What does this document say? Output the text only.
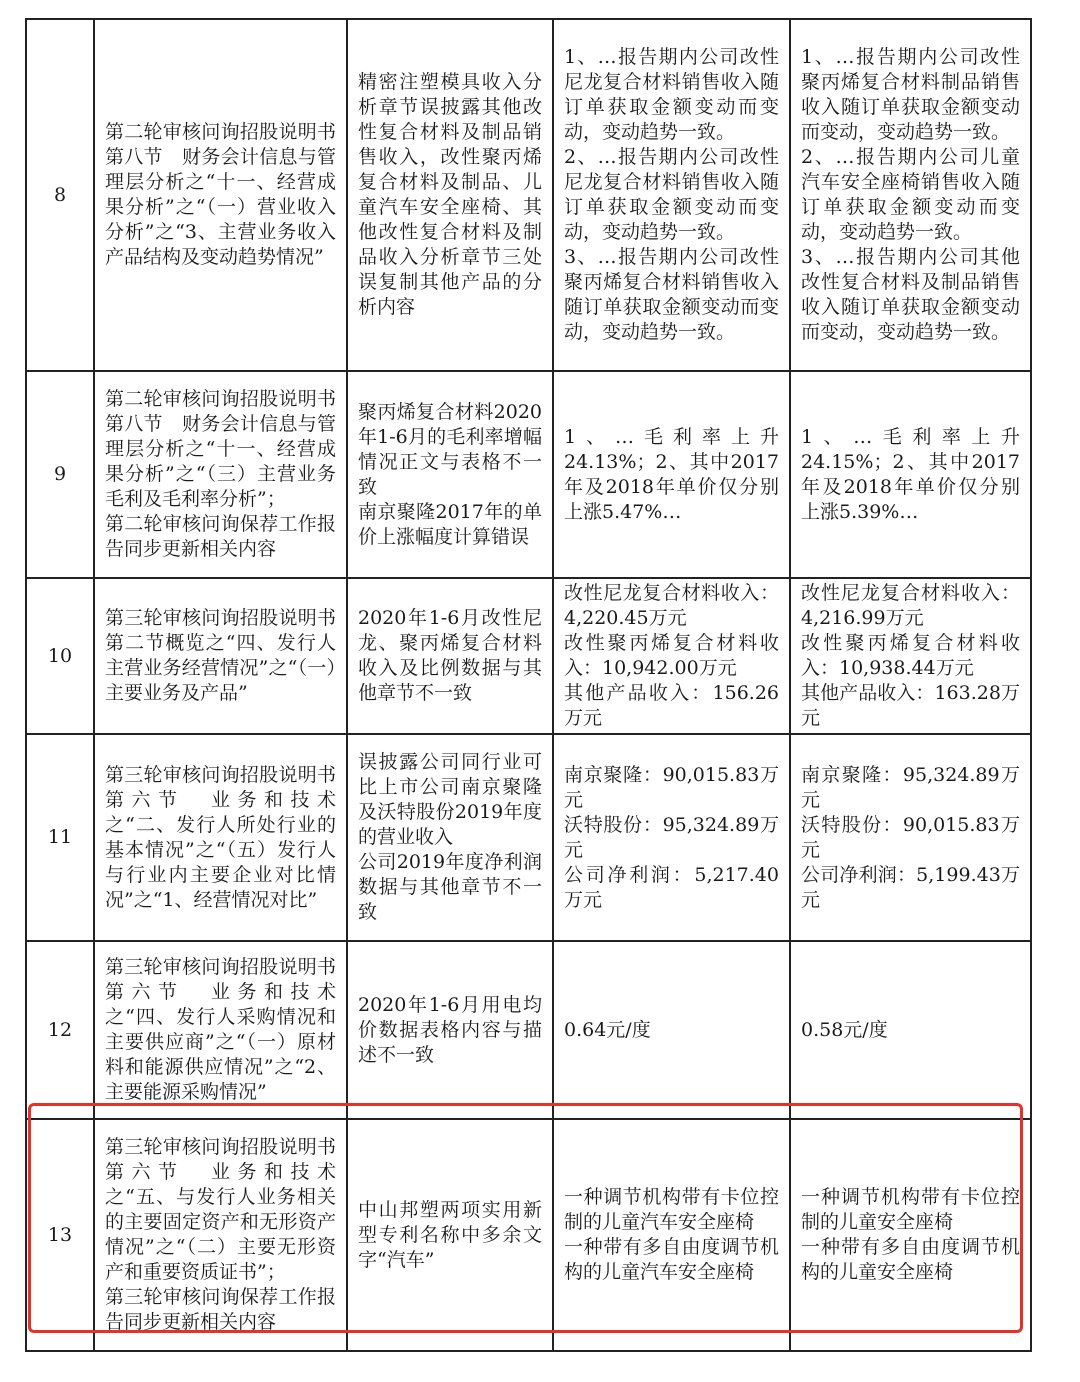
8	第二轮审核问询招股说明书第八节　财务会计信息与管理层分析之“十一、经营成果分析”之“（一）营业收入分析”之“3、主营业务收入产品结构及变动趋势情况”	精密注塑模具收入分析章节误披露其他改性复合材料及制品销售收入，改性聚丙烯复合材料及制品、儿童汽车安全座椅、其他改性复合材料及制品收入分析章节三处误复制其他产品的分析内容	1、…报告期内公司改性尼龙复合材料销售收入随订单获取金额变动而变动，变动趋势一致。
2、…报告期内公司改性尼龙复合材料销售收入随订单获取金额变动而变动，变动趋势一致。
3、…报告期内公司改性聚丙烯复合材料销售收入随订单获取金额变动而变动，变动趋势一致。	1、…报告期内公司改性聚丙烯复合材料制品销售收入随订单获取金额变动而变动，变动趋势一致。
2、…报告期内公司儿童汽车安全座椅销售收入随订单获取金额变动而变动，变动趋势一致。
3、…报告期内公司其他改性复合材料及制品销售收入随订单获取金额变动而变动，变动趋势一致。
9	第二轮审核问询招股说明书第八节　财务会计信息与管理层分析之“十一、经营成果分析”之“（三）主营业务毛利及毛利率分析”；
第二轮审核问询保荐工作报告同步更新相关内容	聚丙烯复合材料2020年1-6月的毛利率增幅情况正文与表格不一致
南京聚隆2017年的单价上涨幅度计算错误	1、…毛利率上升24.13%；2、其中2017年及2018年单价仅分别上涨5.47%…	1、…毛利率上升24.15%；2、其中2017年及2018年单价仅分别上涨5.39%…
10	第三轮审核问询招股说明书第二节概览之“四、发行人主营业务经营情况”之“（一）主要业务及产品”	2020年1-6月改性尼龙、聚丙烯复合材料收入及比例数据与其他章节不一致	改性尼龙复合材料收入：4,220.45万元
改性聚丙烯复合材料收入：10,942.00万元
其他产品收入：156.26万元	改性尼龙复合材料收入：4,216.99万元
改性聚丙烯复合材料收入：10,938.44万元
其他产品收入：163.28万元
11	第三轮审核问询招股说明书第六节　业务和技术之“二、发行人所处行业的基本情况”之“（五）发行人与行业内主要企业对比情况”之“1、经营情况对比”	误披露公司同行业可比上市公司南京聚隆及沃特股份2019年度的营业收入
公司2019年度净利润数据与其他章节不一致	南京聚隆：90,015.83万元
沃特股份：95,324.89万元
公司净利润：5,217.40万元	南京聚隆：95,324.89万元
沃特股份：90,015.83万元
公司净利润：5,199.43万元
12	第三轮审核问询招股说明书第六节　业务和技术之“四、发行人采购情况和主要供应商”之“（一）原材料和能源供应情况”之“2、主要能源采购情况”	2020年1-6月用电均价数据表格内容与描述不一致	0.64元/度	0.58元/度
13	第三轮审核问询招股说明书第六节　业务和技术之“五、与发行人业务相关的主要固定资产和无形资产情况”之“（二）主要无形资产和重要资质证书”；
第三轮审核问询保荐工作报告同步更新相关内容	中山邦塑两项实用新型专利名称中多余文字“汽车”	一种调节机构带有卡位控制的儿童汽车安全座椅
一种带有多自由度调节机构的儿童汽车安全座椅	一种调节机构带有卡位控制的儿童安全座椅
一种带有多自由度调节机构的儿童安全座椅
